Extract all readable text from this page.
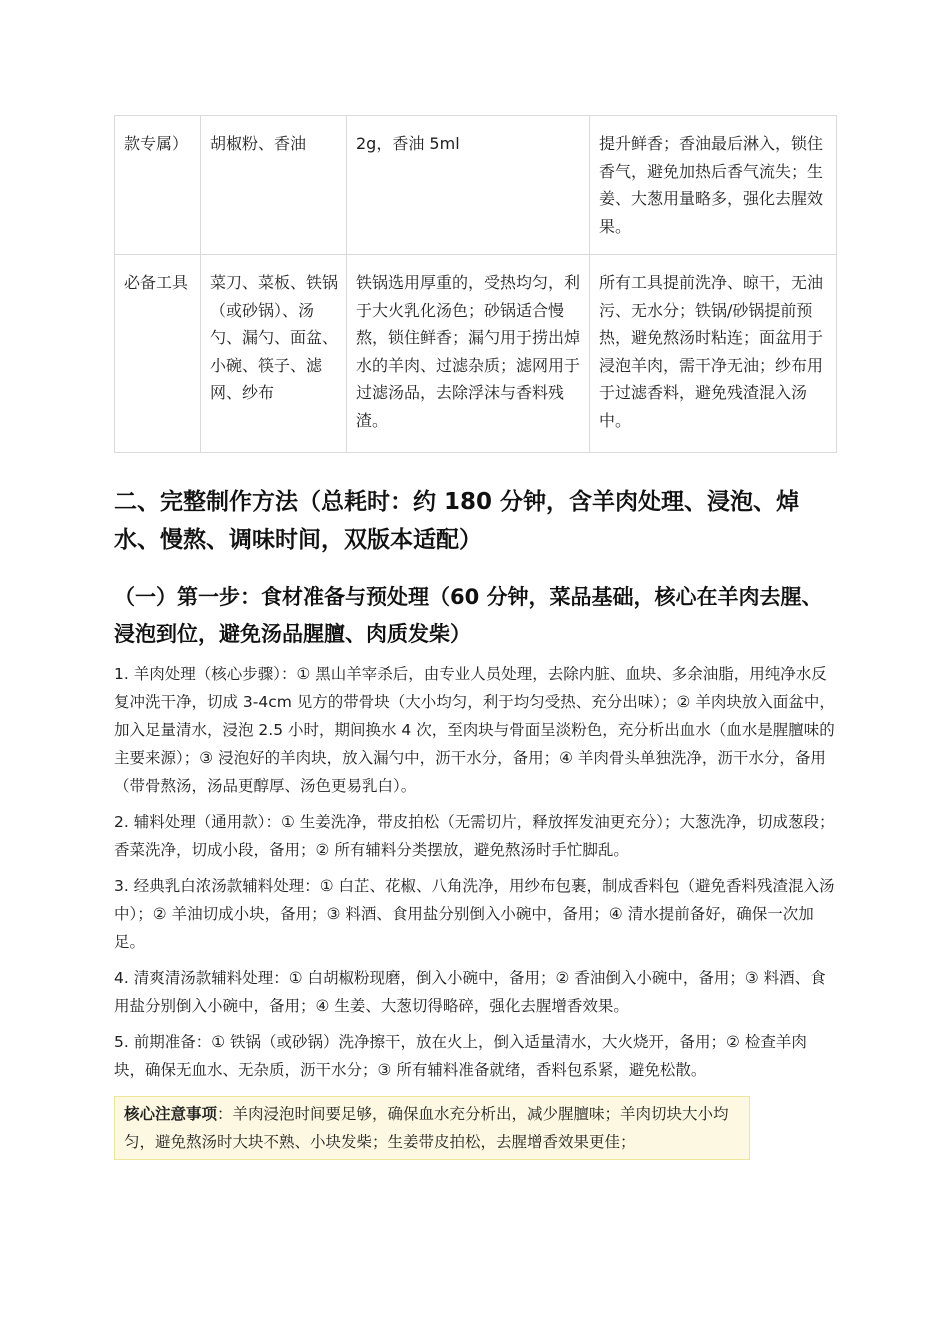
款专属）	胡椒粉、香油	2g，香油 5ml	提升鲜香；香油最后淋入，锁住香气，避免加热后香气流失；生姜、大葱用量略多，强化去腥效果。
必备工具	菜刀、菜板、铁锅（或砂锅）、汤勺、漏勺、面盆、小碗、筷子、滤网、纱布	铁锅选用厚重的，受热均匀，利于大火乳化汤色；砂锅适合慢熬，锁住鲜香；漏勺用于捞出焯水的羊肉、过滤杂质；滤网用于过滤汤品，去除浮沫与香料残渣。	所有工具提前洗净、晾干，无油污、无水分；铁锅/砂锅提前预热，避免熬汤时粘连；面盆用于浸泡羊肉，需干净无油；纱布用于过滤香料，避免残渣混入汤中。
二、完整制作方法（总耗时：约 180 分钟，含羊肉处理、浸泡、焯水、慢熬、调味时间，双版本适配）
（一）第一步：食材准备与预处理（60 分钟，菜品基础，核心在羊肉去腥、浸泡到位，避免汤品腥膻、肉质发柴）

1. 羊肉处理（核心步骤）：① 黑山羊宰杀后，由专业人员处理，去除内脏、血块、多余油脂，用纯净水反复冲洗干净，切成 3-4cm 见方的带骨块（大小均匀，利于均匀受热、充分出味）；② 羊肉块放入面盆中，加入足量清水，浸泡 2.5 小时，期间换水 4 次，至肉块与骨面呈淡粉色，充分析出血水（血水是腥膻味的主要来源）；③ 浸泡好的羊肉块，放入漏勺中，沥干水分，备用；④ 羊肉骨头单独洗净，沥干水分，备用（带骨熬汤，汤品更醇厚、汤色更易乳白）。

2. 辅料处理（通用款）：① 生姜洗净，带皮拍松（无需切片，释放挥发油更充分）；大葱洗净，切成葱段；香菜洗净，切成小段，备用；② 所有辅料分类摆放，避免熬汤时手忙脚乱。

3. 经典乳白浓汤款辅料处理：① 白芷、花椒、八角洗净，用纱布包裹，制成香料包（避免香料残渣混入汤中）；② 羊油切成小块，备用；③ 料酒、食用盐分别倒入小碗中，备用；④ 清水提前备好，确保一次加足。

4. 清爽清汤款辅料处理：① 白胡椒粉现磨，倒入小碗中，备用；② 香油倒入小碗中，备用；③ 料酒、食用盐分别倒入小碗中，备用；④ 生姜、大葱切得略碎，强化去腥增香效果。

5. 前期准备：① 铁锅（或砂锅）洗净擦干，放在火上，倒入适量清水，大火烧开，备用；② 检查羊肉块，确保无血水、无杂质，沥干水分；③ 所有辅料准备就绪，香料包系紧，避免松散。

核心注意事项：羊肉浸泡时间要足够，确保血水充分析出，减少腥膻味；羊肉切块大小均匀，避免熬汤时大块不熟、小块发柴；生姜带皮拍松，去腥增香效果更佳；
